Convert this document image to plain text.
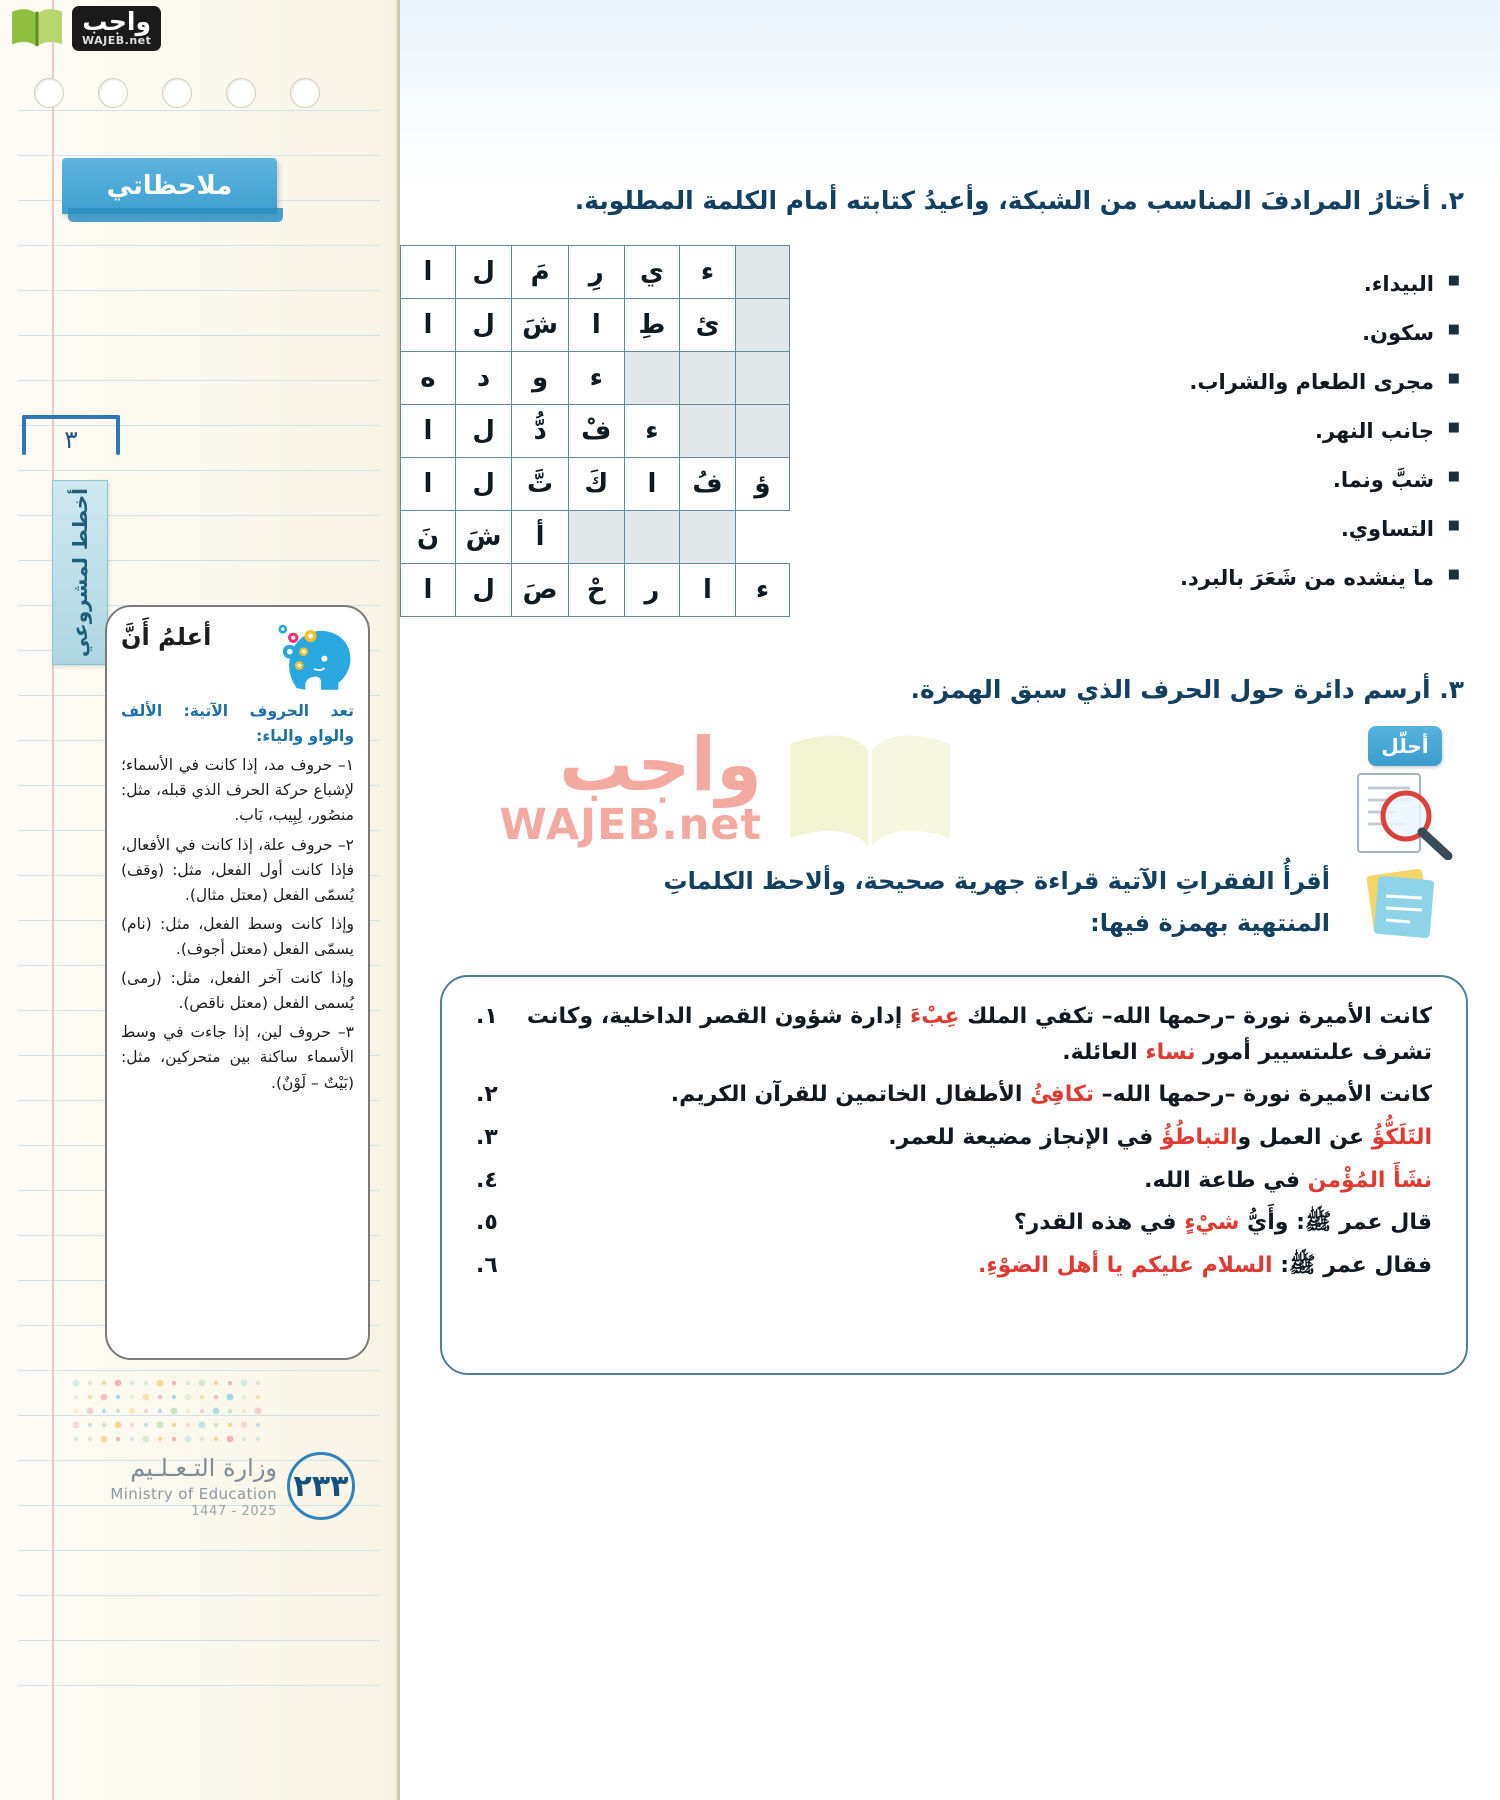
ملاحظاتي
٣
أخطط لمشروعي أعلمُ أَنَّ

تعد الحروف الآتية: الألف والواو والياء:

١– حروف مد، إذا كانت في الأسماء؛ لإشباع حركة الحرف الذي قبله، مثل: منصُور، لِبِيب، بَاب.

٢– حروف علة، إذا كانت في الأفعال، فإذا كانت أول الفعل، مثل: (وقف) يُسمّى الفعل (معتل مثال).

وإذا كانت وسط الفعل، مثل: (نام) يسمّى الفعل (معتل أجوف).

وإذا كانت آخر الفعل، مثل: (رمى) يُسمى الفعل (معتل ناقص).

٣– حروف لين، إذا جاءت في وسط الأسماء ساكنة بين متحركين، مثل: (بَيْتٌ – لَوْنٌ).

٢٣٣
وزارة التـعـلـيم
Ministry of Education
2025 - 1447
واجب
WAJEB.net
٢. أختارُ المرادفَ المناسب من الشبكة، وأعيدُ كتابته أمام الكلمة المطلوبة.
	ء	ي	رِ	مَ	ل	ا
	ئ	طِ	ا	شَ	ل	ا
			ء	و	د	ه
		ء	فْ	دُّ	ل	ا
ؤ	فُ	ا	كَ	تَّ	ل	ا
				أ	شَ	نَ
ء	ا	ر	حْ	صَ	ل	ا
■ البيداء.
■ سكون.
■ مجرى الطعام والشراب.
■ جانب النهر.
■ شبَّ ونما.
■ التساوي.
■ ما ينشده من شَعَرَ بالبرد.
٣. أرسم دائرة حول الحرف الذي سبق الهمزة.
واجب
WAJEB.net
أحلّل
أقرأُ الفقراتِ الآتية قراءة جهرية صحيحة، وألاحظ الكلماتِ المنتهية بهمزة فيها:
كانت الأميرة نورة –رحمها الله– تكفي الملك عِبْءَ إدارة شؤون القصر الداخلية، وكانت تشرف علىتسيير أمور نساء العائلة.
١.
كانت الأميرة نورة –رحمها الله– تكافِئُ الأطفال الخاتمين للقرآن الكريم.
٢.
التَلَكُّؤُ عن العمل والتباطُؤُ في الإنجاز مضيعة للعمر.
٣.
نشَأَ المُؤْمن في طاعة الله.
٤.
قال عمر ﷺ: وأَيُّ شيْءٍ في هذه القدر؟
٥.
فقال عمر ﷺ: السلام عليكم يا أهل الضوْءِ.
٦.
